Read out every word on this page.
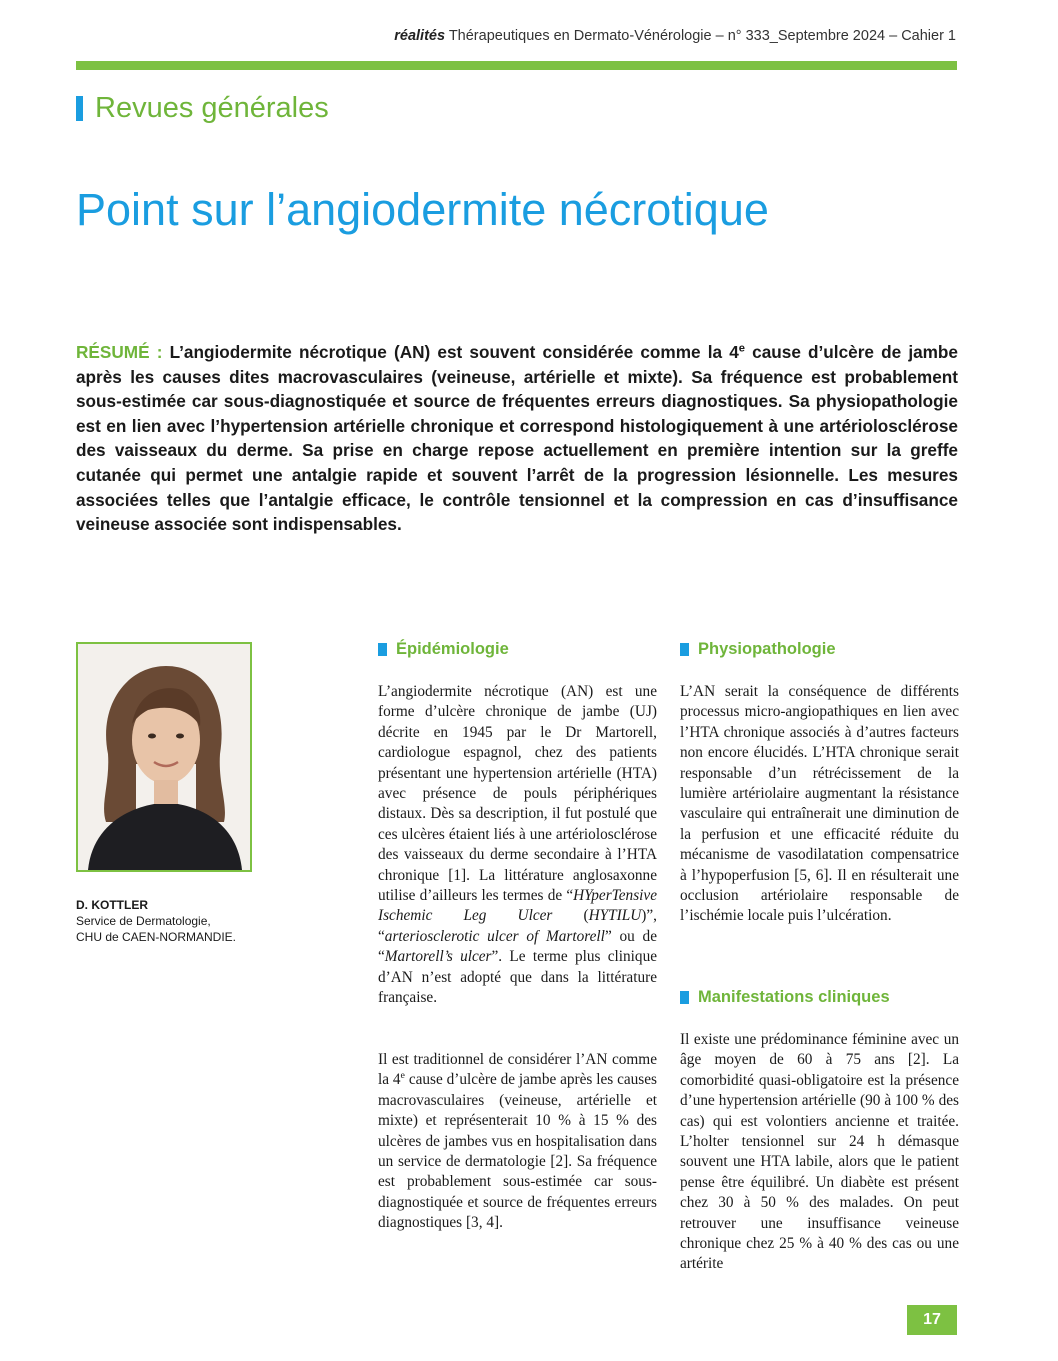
réalités Thérapeutiques en Dermato-Vénérologie – n° 333_Septembre 2024 – Cahier 1
Revues générales
Point sur l’angiodermite nécrotique

RÉSUMÉ : L’angiodermite nécrotique (AN) est souvent considérée comme la 4e cause d’ulcère de jambe après les causes dites macrovasculaires (veineuse, artérielle et mixte). Sa fréquence est probablement sous-estimée car sous-diagnostiquée et source de fréquentes erreurs diagnostiques. Sa physiopathologie est en lien avec l’hypertension artérielle chronique et correspond histologiquement à une artériolosclérose des vaisseaux du derme. Sa prise en charge repose actuellement en première intention sur la greffe cutanée qui permet une antalgie rapide et souvent l’arrêt de la progression lésionnelle. Les mesures associées telles que l’antalgie efficace, le contrôle tensionnel et la compression en cas d’insuffisance veineuse associée sont indispensables.

D. KOTTLER
Service de Dermatologie,
CHU de CAEN-NORMANDIE.
Épidémiologie

L’angiodermite nécrotique (AN) est une forme d’ulcère chronique de jambe (UJ) décrite en 1945 par le Dr Martorell, cardiologue espagnol, chez des patients présentant une hypertension artérielle (HTA) avec présence de pouls périphériques distaux. Dès sa description, il fut postulé que ces ulcères étaient liés à une artériolosclérose des vaisseaux du derme secondaire à l’HTA chronique [1]. La littérature anglosaxonne utilise d’ailleurs les termes de “HYperTensive Ischemic Leg Ulcer (HYTILU)”, “arteriosclerotic ulcer of Martorell” ou de “Martorell’s ulcer”. Le terme plus clinique d’AN n’est adopté que dans la littérature française.

Il est traditionnel de considérer l’AN comme la 4e cause d’ulcère de jambe après les causes macrovasculaires (veineuse, artérielle et mixte) et représenterait 10 % à 15 % des ulcères de jambes vus en hospitalisation dans un service de dermatologie [2]. Sa fréquence est probablement sous-estimée car sous-diagnostiquée et source de fréquentes erreurs diagnostiques [3, 4].

Physiopathologie

L’AN serait la conséquence de différents processus micro-angiopathiques en lien avec l’HTA chronique associés à d’autres facteurs non encore élucidés. L’HTA chronique serait responsable d’un rétrécissement de la lumière artériolaire augmentant la résistance vasculaire qui entraînerait une diminution de la perfusion et une efficacité réduite du mécanisme de vasodilatation compensatrice à l’hypoperfusion [5, 6]. Il en résulterait une occlusion artériolaire responsable de l’ischémie locale puis l’ulcération.

Manifestations cliniques

Il existe une prédominance féminine avec un âge moyen de 60 à 75 ans [2]. La comorbidité quasi-obligatoire est la présence d’une hypertension artérielle (90 à 100 % des cas) qui est volontiers ancienne et traitée. L’holter tensionnel sur 24 h démasque souvent une HTA labile, alors que le patient pense être équilibré. Un diabète est présent chez 30 à 50 % des malades. On peut retrouver une insuffisance veineuse chronique chez 25 % à 40 % des cas ou une artérite

17
